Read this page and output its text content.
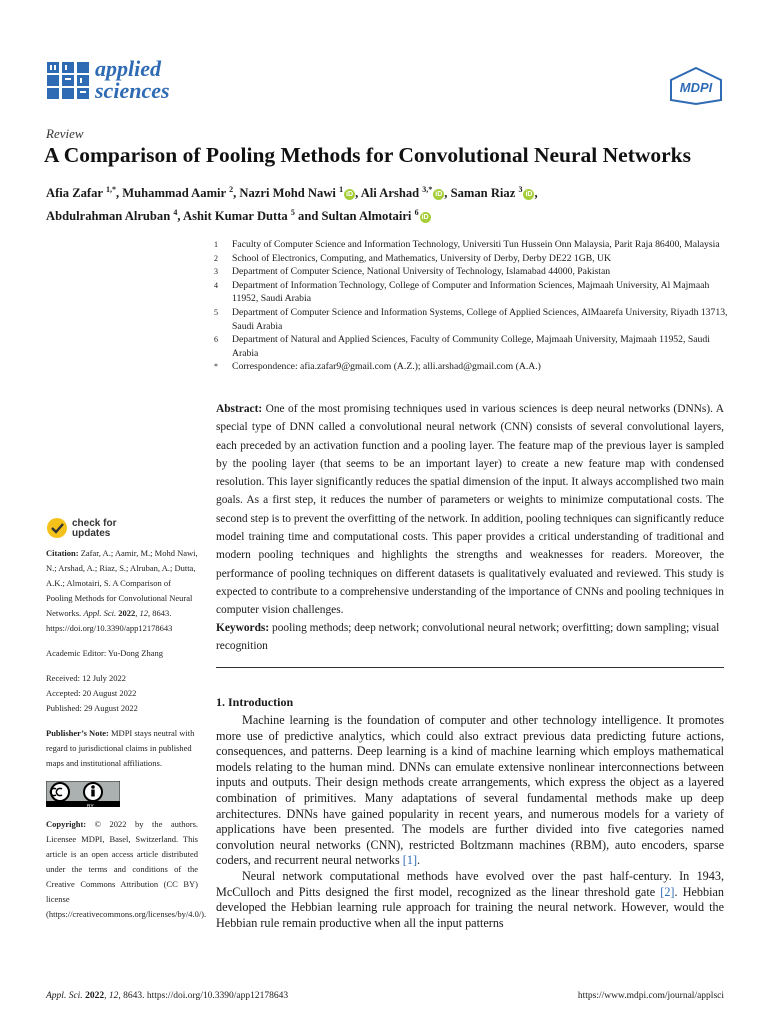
applied
sciences	MDPI
Review
A Comparison of Pooling Methods for Convolutional Neural Networks
Afia Zafar $^{1,*}$, Muhammad Aamir $^2$, Nazri Mohd Nawi $^1$iD , Ali Arshad $^{3,*}$iD , Saman Riaz $^3$iD ,
Abdulrahman Alruban $^4$, Ashit Kumar Dutta $^5$ and Sultan Almotairi $^6$iD
1	Faculty of Computer Science and Information Technology, Universiti Tun Hussein Onn Malaysia, Parit Raja 86400, Malaysia
2	School of Electronics, Computing, and Mathematics, University of Derby, Derby DE22 1GB, UK
3	Department of Computer Science, National University of Technology, Islamabad 44000, Pakistan
4	Department of Information Technology, College of Computer and Information Sciences, Majmaah University, Al Majmaah 11952, Saudi Arabia
5	Department of Computer Science and Information Systems, College of Applied Sciences, AlMaarefa University, Riyadh 13713, Saudi Arabia
6	Department of Natural and Applied Sciences, Faculty of Community College, Majmaah University, Majmaah 11952, Saudi Arabia
*	Correspondence: afia.zafar9@gmail.com (A.Z.); alli.arshad@gmail.com (A.A.)
Abstract: One of the most promising techniques used in various sciences is deep neural networks (DNNs). A special type of DNN called a convolutional neural network (CNN) consists of several convolutional layers, each preceded by an activation function and a pooling layer. The feature map of the previous layer is sampled by the pooling layer (that seems to be an important layer) to create a new feature map with condensed resolution. This layer significantly reduces the spatial dimension of the input. It always accomplished two main goals. As a first step, it reduces the number of parameters or weights to minimize computational costs. The second step is to prevent the overfitting of the network. In addition, pooling techniques can significantly reduce model training time and computational costs. This paper provides a critical understanding of traditional and modern pooling techniques and highlights the strengths and weaknesses for readers. Moreover, the performance of pooling techniques on different datasets is qualitatively evaluated and reviewed. This study is expected to contribute to a comprehensive understanding of the importance of CNNs and pooling techniques in computer vision challenges.
Keywords: pooling methods; deep network; convolutional neural network; overfitting; down sampling; visual recognition
check for
updates
Citation: Zafar, A.; Aamir, M.; Mohd Nawi, N.; Arshad, A.; Riaz, S.; Alruban, A.; Dutta, A.K.; Almotairi, S. A Comparison of Pooling Methods for Convolutional Neural Networks. Appl. Sci. 2022, 12, 8643. https://doi.org/10.3390/app12178643
Academic Editor: Yu-Dong Zhang
Received: 12 July 2022
Accepted: 20 August 2022
Published: 29 August 2022
Publisher’s Note: MDPI stays neutral with regard to jurisdictional claims in published maps and institutional affiliations.
BY
Copyright: © 2022 by the authors. Licensee MDPI, Basel, Switzerland. This article is an open access article distributed under the terms and conditions of the Creative Commons Attribution (CC BY) license (https://creativecommons.org/licenses/by/4.0/).
1. Introduction

Machine learning is the foundation of computer and other technology intelligence. It promotes more use of predictive analytics, which could also extract previous data predicting future actions, consequences, and patterns. Deep learning is a kind of machine learning which employs mathematical models relating to the human mind. DNNs can emulate extensive nonlinear interconnections between inputs and outputs. Their design methods create arrangements, which express the object as a layered combination of primitives. Many adaptations of several fundamental methods make up deep architectures. DNNs have gained popularity in recent years, and numerous models for a variety of applications have been presented. The models are further divided into five categories named convolution neural networks (CNN), restricted Boltzmann machines (RBM), auto encoders, sparse coders, and recurrent neural networks [1].

Neural network computational methods have evolved over the past half-century. In 1943, McCulloch and Pitts designed the first model, recognized as the linear threshold gate [2]. Hebbian developed the Hebbian learning rule approach for training the neural network. However, would the Hebbian rule remain productive when all the input patterns

Appl. Sci. 2022, 12, 8643. https://doi.org/10.3390/app12178643	https://www.mdpi.com/journal/applsci
